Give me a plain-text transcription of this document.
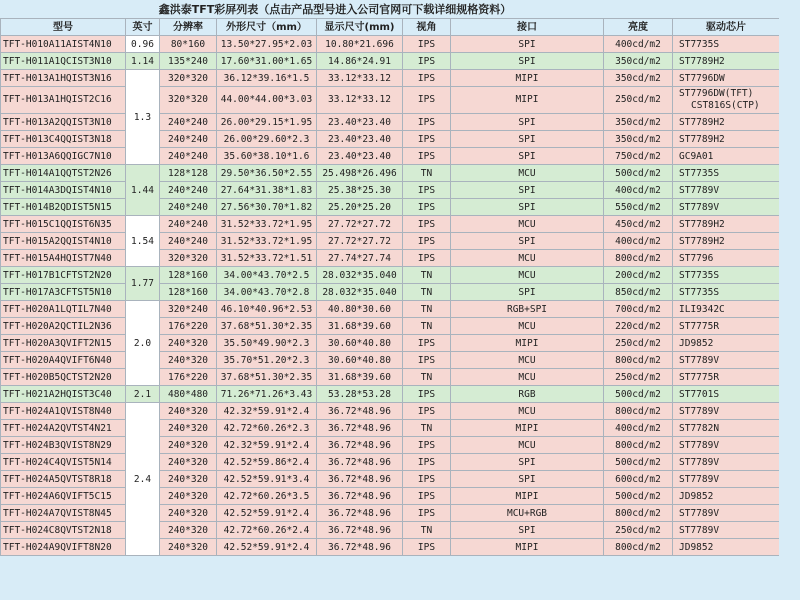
鑫洪泰TFT彩屏列表（点击产品型号进入公司官网可下载详细规格资料）
型号	英寸	分辨率	外形尺寸（mm）	显示尺寸(mm)	视角	接口	亮度	驱动芯片
TFT-H010A11AIST4N10	0.96	80*160	13.50*27.95*2.03	10.80*21.696	IPS	SPI	400cd/m2	ST7735S
TFT-H011A1QCIST3N10	1.14	135*240	17.60*31.00*1.65	14.86*24.91	IPS	SPI	350cd/m2	ST7789H2
TFT-H013A1HQIST3N16	1.3	320*320	36.12*39.16*1.5	33.12*33.12	IPS	MIPI	350cd/m2	ST7796DW
TFT-H013A1HQIST2C16		320*320	44.00*44.00*3.03	33.12*33.12	IPS	MIPI	250cd/m2	ST7796DW(TFT)
CST816S(CTP)

TFT-H013A2QQIST3N10		240*240	26.00*29.15*1.95	23.40*23.40	IPS	SPI	350cd/m2	ST7789H2
TFT-H013C4QQIST3N18		240*240	26.00*29.60*2.3	23.40*23.40	IPS	SPI	350cd/m2	ST7789H2
TFT-H013A6QQIGC7N10		240*240	35.60*38.10*1.6	23.40*23.40	IPS	SPI	750cd/m2	GC9A01
TFT-H014A1QQTST2N26	1.44	128*128	29.50*36.50*2.55	25.498*26.496	TN	MCU	500cd/m2	ST7735S
TFT-H014A3DQIST4N10		240*240	27.64*31.38*1.83	25.38*25.30	IPS	SPI	400cd/m2	ST7789V
TFT-H014B2QDIST5N15		240*240	27.56*30.70*1.82	25.20*25.20	IPS	SPI	550cd/m2	ST7789V
TFT-H015C1QQIST6N35	1.54	240*240	31.52*33.72*1.95	27.72*27.72	IPS	MCU	450cd/m2	ST7789H2
TFT-H015A2QQIST4N10		240*240	31.52*33.72*1.95	27.72*27.72	IPS	SPI	400cd/m2	ST7789H2
TFT-H015A4HQIST7N40		320*320	31.52*33.72*1.51	27.74*27.74	IPS	MCU	800cd/m2	ST7796
TFT-H017B1CFTST2N20	1.77	128*160	34.00*43.70*2.5	28.032*35.040	TN	MCU	200cd/m2	ST7735S
TFT-H017A3CFTST5N10		128*160	34.00*43.70*2.8	28.032*35.040	TN	SPI	850cd/m2	ST7735S
TFT-H020A1LQTIL7N40	2.0	320*240	46.10*40.96*2.53	40.80*30.60	TN	RGB+SPI	700cd/m2	ILI9342C
TFT-H020A2QCTIL2N36		176*220	37.68*51.30*2.35	31.68*39.60	TN	MCU	220cd/m2	ST7775R
TFT-H020A3QVIFT2N15		240*320	35.50*49.90*2.3	30.60*40.80	IPS	MIPI	250cd/m2	JD9852
TFT-H020A4QVIFT6N40		240*320	35.70*51.20*2.3	30.60*40.80	IPS	MCU	800cd/m2	ST7789V
TFT-H020B5QCTST2N20		176*220	37.68*51.30*2.35	31.68*39.60	TN	MCU	250cd/m2	ST7775R
TFT-H021A2HQIST3C40	2.1	480*480	71.26*71.26*3.43	53.28*53.28	IPS	RGB	500cd/m2	ST7701S
TFT-H024A1QVIST8N40	2.4	240*320	42.32*59.91*2.4	36.72*48.96	IPS	MCU	800cd/m2	ST7789V
TFT-H024A2QVTST4N21		240*320	42.72*60.26*2.3	36.72*48.96	TN	MIPI	400cd/m2	ST7782N
TFT-H024B3QVIST8N29		240*320	42.32*59.91*2.4	36.72*48.96	IPS	MCU	800cd/m2	ST7789V
TFT-H024C4QVIST5N14		240*320	42.52*59.86*2.4	36.72*48.96	IPS	SPI	500cd/m2	ST7789V
TFT-H024A5QVTST8R18		240*320	42.52*59.91*3.4	36.72*48.96	IPS	SPI	600cd/m2	ST7789V
TFT-H024A6QVIFT5C15		240*320	42.72*60.26*3.5	36.72*48.96	IPS	MIPI	500cd/m2	JD9852
TFT-H024A7QVIST8N45		240*320	42.52*59.91*2.4	36.72*48.96	IPS	MCU+RGB	800cd/m2	ST7789V
TFT-H024C8QVTST2N18		240*320	42.72*60.26*2.4	36.72*48.96	TN	SPI	250cd/m2	ST7789V
TFT-H024A9QVIFT8N20		240*320	42.52*59.91*2.4	36.72*48.96	IPS	MIPI	800cd/m2	JD9852
